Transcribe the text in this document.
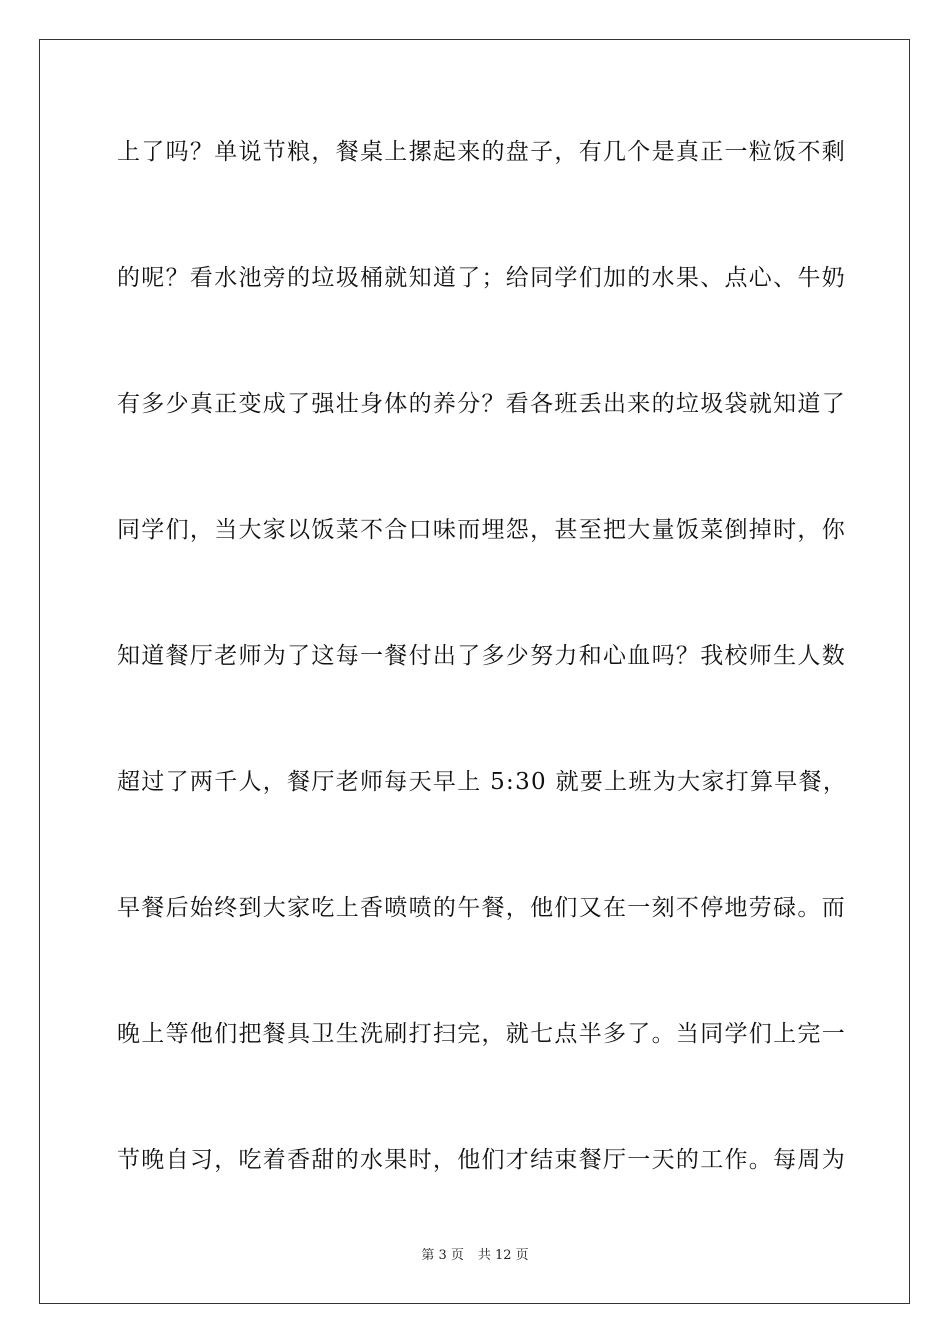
上了吗？单说节粮，餐桌上摞起来的盘子，有几个是真正一粒饭不剩
的呢？看水池旁的垃圾桶就知道了；给同学们加的水果、点心、牛奶
有多少真正变成了强壮身体的养分？看各班丢出来的垃圾袋就知道了
同学们，当大家以饭菜不合口味而埋怨，甚至把大量饭菜倒掉时，你
知道餐厅老师为了这每一餐付出了多少努力和心血吗？我校师生人数
超过了两千人，餐厅老师每天早上 5:30 就要上班为大家打算早餐，
早餐后始终到大家吃上香喷喷的午餐，他们又在一刻不停地劳碌。而
晚上等他们把餐具卫生洗刷打扫完，就七点半多了。当同学们上完一
节晚自习，吃着香甜的水果时，他们才结束餐厅一天的工作。每周为
第 3 页 共 12 页
